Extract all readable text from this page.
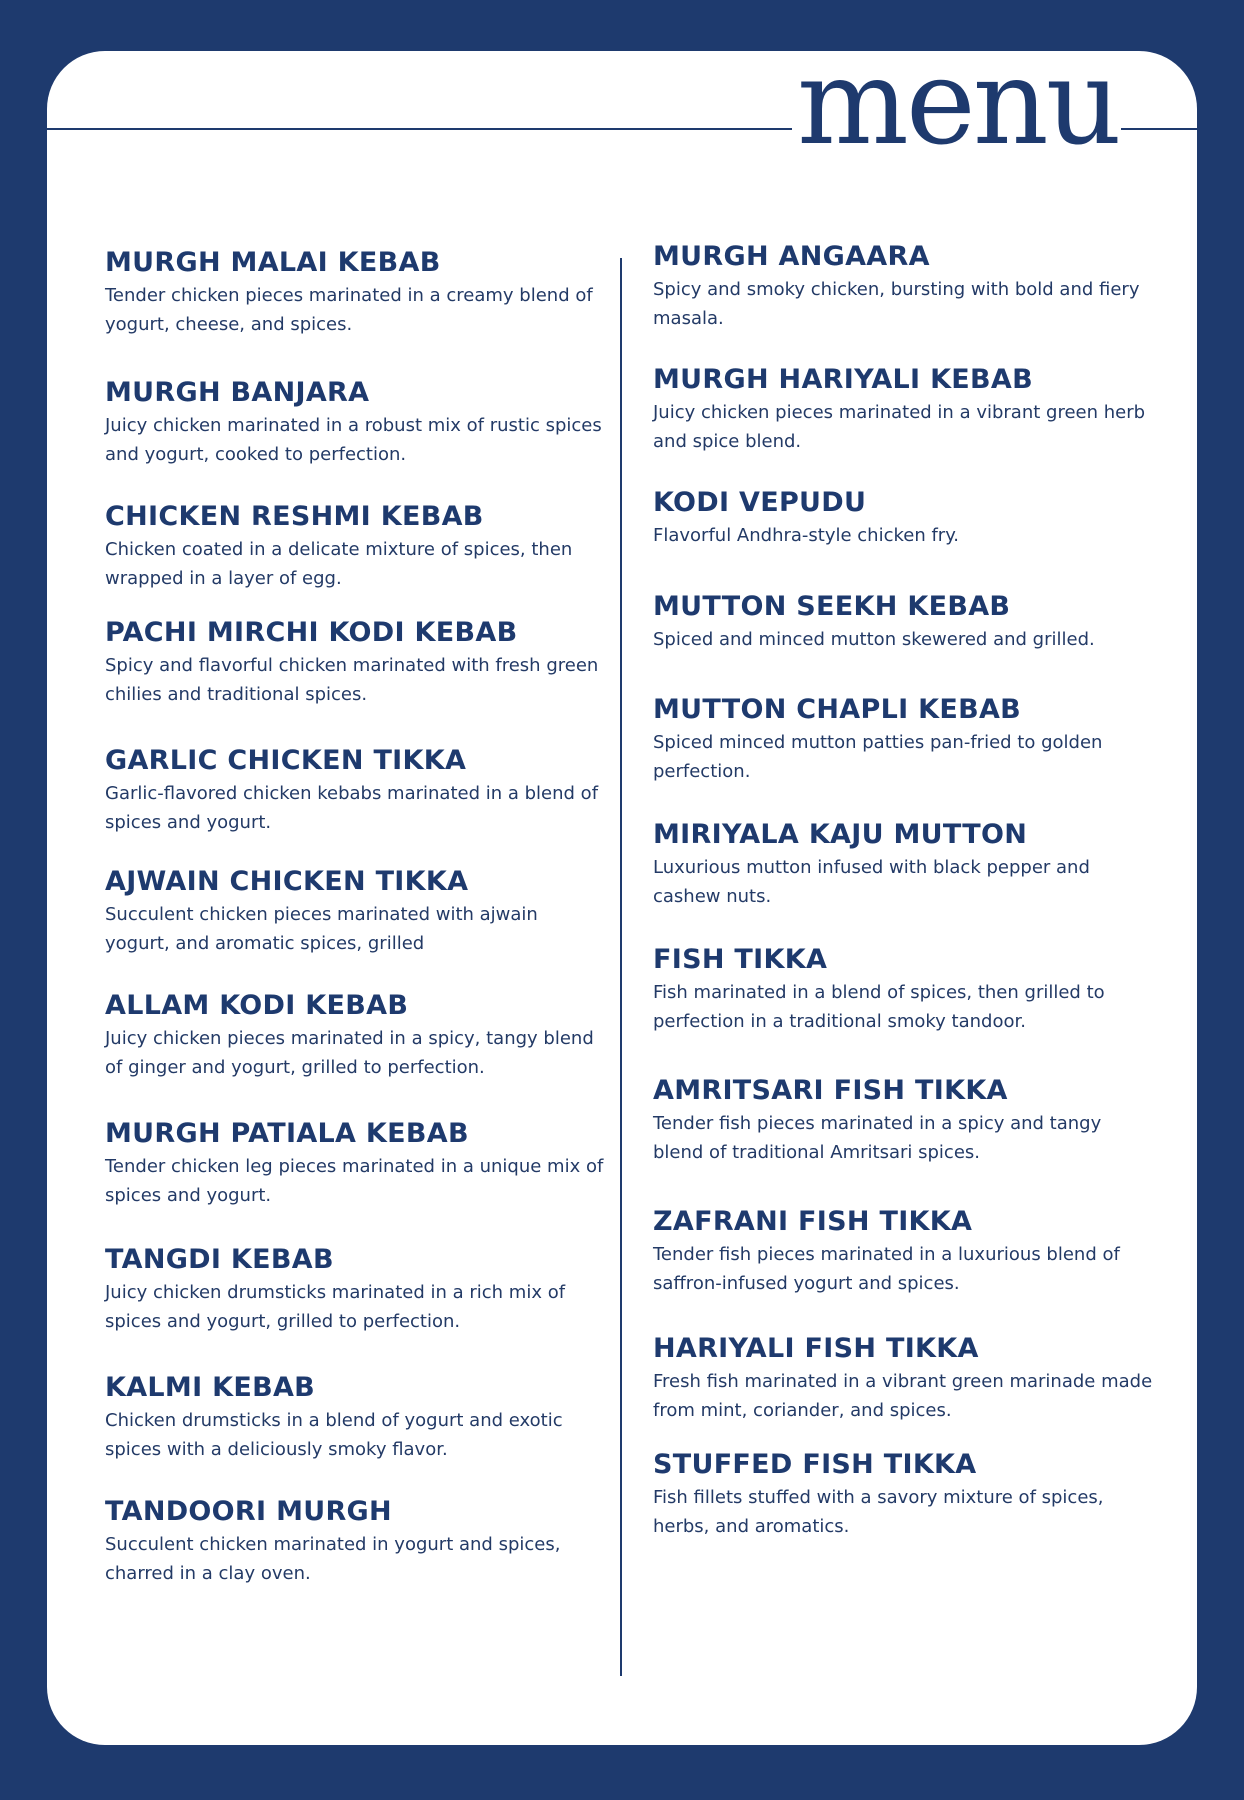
menu
MURGH MALAI KEBAB
Tender chicken pieces marinated in a creamy blend of yogurt, cheese, and spices.
MURGH BANJARA
Juicy chicken marinated in a robust mix of rustic spices and yogurt, cooked to perfection.
CHICKEN RESHMI KEBAB
Chicken coated in a delicate mixture of spices, then wrapped in a layer of egg.
PACHI MIRCHI KODI KEBAB
Spicy and flavorful chicken marinated with fresh green chilies and traditional spices.
GARLIC CHICKEN TIKKA
Garlic-flavored chicken kebabs marinated in a blend of spices and yogurt.
AJWAIN CHICKEN TIKKA
Succulent chicken pieces marinated with ajwain yogurt, and aromatic spices, grilled
ALLAM KODI KEBAB
Juicy chicken pieces marinated in a spicy, tangy blend of ginger and yogurt, grilled to perfection.
MURGH PATIALA KEBAB
Tender chicken leg pieces marinated in a unique mix of spices and yogurt.
TANGDI KEBAB
Juicy chicken drumsticks marinated in a rich mix of spices and yogurt, grilled to perfection.
KALMI KEBAB
Chicken drumsticks in a blend of yogurt and exotic spices with a deliciously smoky flavor.
TANDOORI MURGH
Succulent chicken marinated in yogurt and spices, charred in a clay oven.
MURGH ANGAARA
Spicy and smoky chicken, bursting with bold and fiery masala.
MURGH HARIYALI KEBAB
Juicy chicken pieces marinated in a vibrant green herb and spice blend.
KODI VEPUDU
Flavorful Andhra-style chicken fry.
MUTTON SEEKH KEBAB
Spiced and minced mutton skewered and grilled.
MUTTON CHAPLI KEBAB
Spiced minced mutton patties pan-fried to golden perfection.
MIRIYALA KAJU MUTTON
Luxurious mutton infused with black pepper and cashew nuts.
FISH TIKKA
Fish marinated in a blend of spices, then grilled to perfection in a traditional smoky tandoor.
AMRITSARI FISH TIKKA
Tender fish pieces marinated in a spicy and tangy blend of traditional Amritsari spices.
ZAFRANI FISH TIKKA
Tender fish pieces marinated in a luxurious blend of saffron-infused yogurt and spices.
HARIYALI FISH TIKKA
Fresh fish marinated in a vibrant green marinade made from mint, coriander, and spices.
STUFFED FISH TIKKA
Fish fillets stuffed with a savory mixture of spices, herbs, and aromatics.
